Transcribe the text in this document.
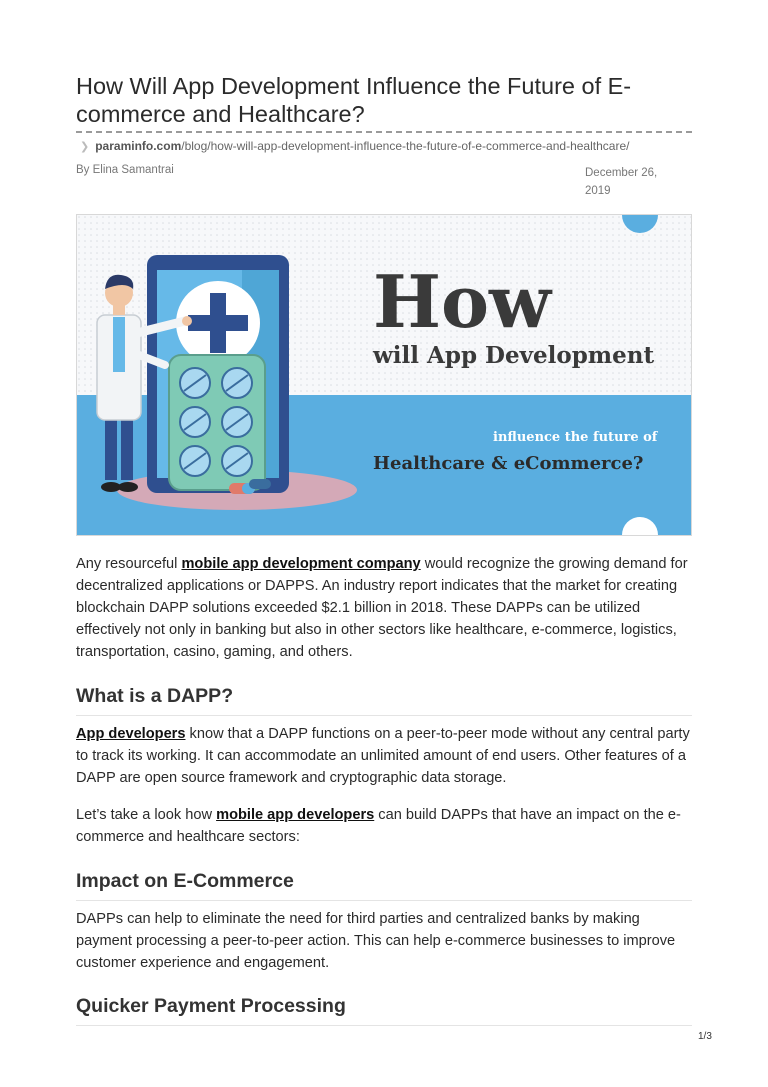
How Will App Development Influence the Future of E-commerce and Healthcare?
❯ paraminfo.com/blog/how-will-app-development-influence-the-future-of-e-commerce-and-healthcare/
By Elina Samantrai	December 26,
2019
How
will App Development
influence the future of
Healthcare & eCommerce?

Any resourceful mobile app development company would recognize the growing demand for decentralized applications or DAPPS. An industry report indicates that the market for creating blockchain DAPP solutions exceeded $2.1 billion in 2018. These DAPPs can be utilized effectively not only in banking but also in other sectors like healthcare, e-commerce, logistics, transportation, casino, gaming, and others.

What is a DAPP?

App developers know that a DAPP functions on a peer-to-peer mode without any central party to track its working. It can accommodate an unlimited amount of end users. Other features of a DAPP are open source framework and cryptographic data storage.

Let’s take a look how mobile app developers can build DAPPs that have an impact on the e-commerce and healthcare sectors:

Impact on E-Commerce

DAPPs can help to eliminate the need for third parties and centralized banks by making payment processing a peer-to-peer action. This can help e-commerce businesses to improve customer experience and engagement.

Quicker Payment Processing
1/3
